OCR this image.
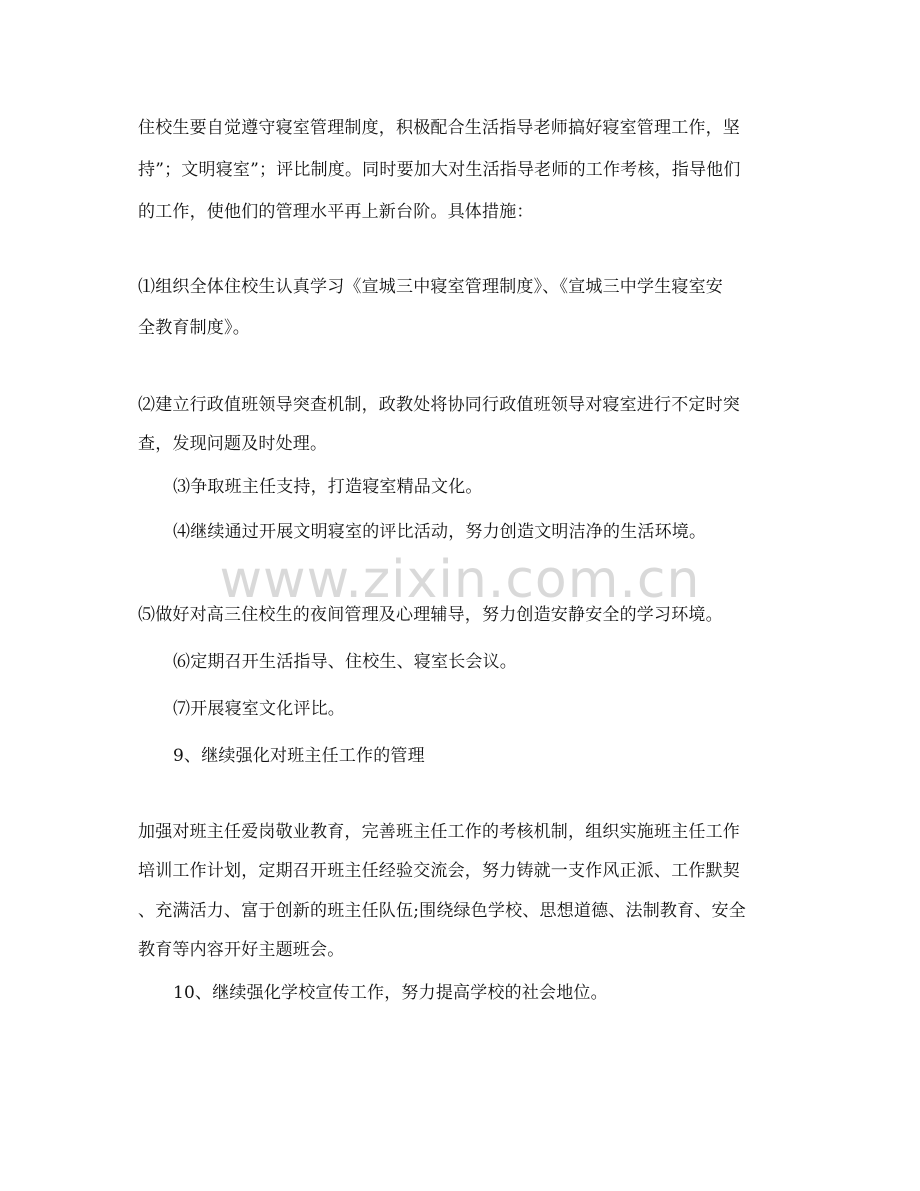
住校生要自觉遵守寝室管理制度，积极配合生活指导老师搞好寝室管理工作，坚
持”；文明寝室”；评比制度。同时要加大对生活指导老师的工作考核，指导他们
的工作，使他们的管理水平再上新台阶。具体措施：
⑴组织全体住校生认真学习《宣城三中寝室管理制度》、《宣城三中学生寝室安
全教育制度》。
⑵建立行政值班领导突查机制，政教处将协同行政值班领导对寝室进行不定时突
查，发现问题及时处理。
⑶争取班主任支持，打造寝室精品文化。
⑷继续通过开展文明寝室的评比活动，努力创造文明洁净的生活环境。
⑸做好对高三住校生的夜间管理及心理辅导，努力创造安静安全的学习环境。
⑹定期召开生活指导、住校生、寝室长会议。
⑺开展寝室文化评比。
9、继续强化对班主任工作的管理
加强对班主任爱岗敬业教育，完善班主任工作的考核机制，组织实施班主任工作
培训工作计划，定期召开班主任经验交流会，努力铸就一支作风正派、工作默契
、充满活力、富于创新的班主任队伍;围绕绿色学校、思想道德、法制教育、安全
教育等内容开好主题班会。
10、继续强化学校宣传工作，努力提高学校的社会地位。
www.zixin.com.cn
